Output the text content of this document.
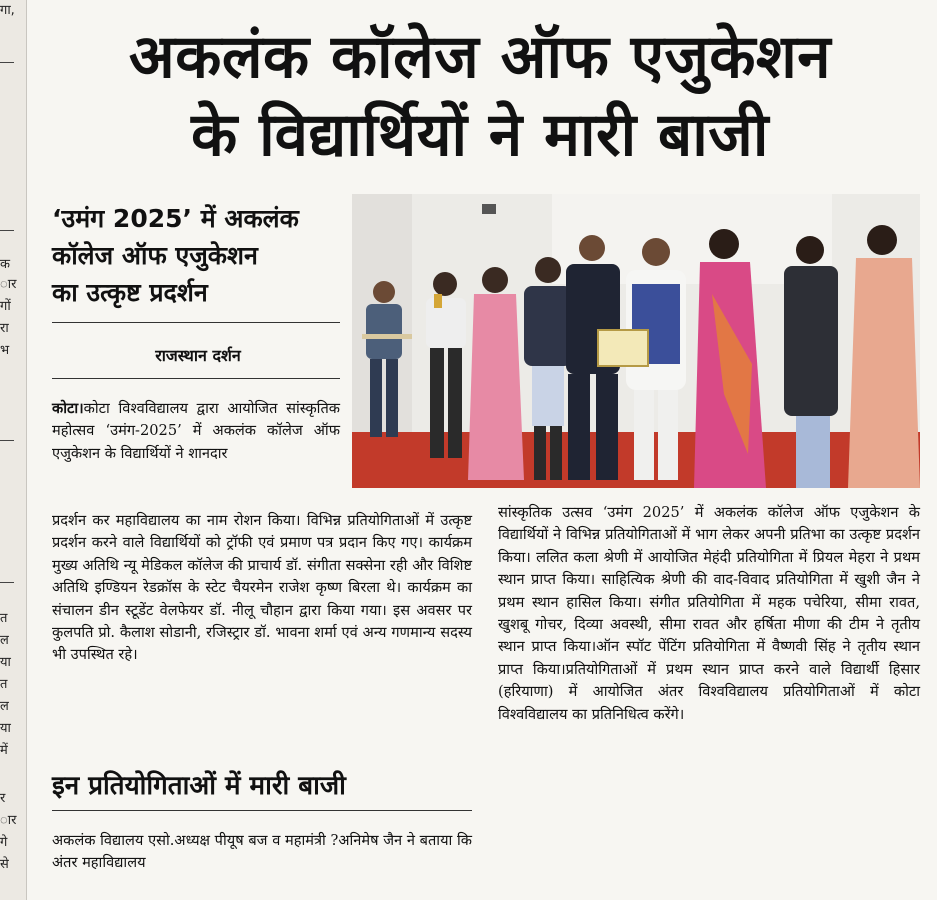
गा,
क
ार
गों
रा
भ
त
ल
या
त
ल
या
में
र
ार
गे
से
अकलंक कॉलेज ऑफ एजुकेशन
के विद्यार्थियों ने मारी बाजी
‘उमंग 2025’ में अकलंक
कॉलेज ऑफ एजुकेशन
का उत्कृष्ट प्रदर्शन
राजस्थान दर्शन

कोटा।कोटा विश्वविद्यालय द्वारा आयोजित सांस्कृतिक महोत्सव ‘उमंग-2025’ में अकलंक कॉलेज ऑफ एजुकेशन के विद्यार्थियों ने शानदार

प्रदर्शन कर महाविद्यालय का नाम रोशन किया। विभिन्न प्रतियोगिताओं में उत्कृष्ट प्रदर्शन करने वाले विद्यार्थियों को ट्रॉफी एवं प्रमाण पत्र प्रदान किए गए। कार्यक्रम मुख्य अतिथि न्यू मेडिकल कॉलेज की प्राचार्य डॉ. संगीता सक्सेना रही और विशिष्ट अतिथि इण्डियन रेडक्रॉस के स्टेट चैयरमेन राजेश कृष्ण बिरला थे। कार्यक्रम का संचालन डीन स्टूडेंट वेलफेयर डॉ. नीलू चौहान द्वारा किया गया। इस अवसर पर कुलपति प्रो. कैलाश सोडानी, रजिस्ट्रार डॉ. भावना शर्मा एवं अन्य गणमान्य सदस्य भी उपस्थित रहे।

इन प्रतियोगिताओं में मारी बाजी

अकलंक विद्यालय एसो.अध्यक्ष पीयूष बज व महामंत्री ?अनिमेष जैन ने बताया कि अंतर महाविद्यालय

सांस्कृतिक उत्सव ‘उमंग 2025’ में अकलंक कॉलेज ऑफ एजुकेशन के विद्यार्थियों ने विभिन्न प्रतियोगिताओं में भाग लेकर अपनी प्रतिभा का उत्कृष्ट प्रदर्शन किया। ललित कला श्रेणी में आयोजित मेहंदी प्रतियोगिता में प्रियल मेहरा ने प्रथम स्थान प्राप्त किया। साहित्यिक श्रेणी की वाद-विवाद प्रतियोगिता में खुशी जैन ने प्रथम स्थान हासिल किया। संगीत प्रतियोगिता में महक पचेरिया, सीमा रावत, खुशबू गोचर, दिव्या अवस्थी, सीमा रावत और हर्षिता मीणा की टीम ने तृतीय स्थान प्राप्त किया।ऑन स्पॉट पेंटिंग प्रतियोगिता में वैष्णवी सिंह ने तृतीय स्थान प्राप्त किया।प्रतियोगिताओं में प्रथम स्थान प्राप्त करने वाले विद्यार्थी हिसार (हरियाणा) में आयोजित अंतर विश्वविद्यालय प्रतियोगिताओं में कोटा विश्वविद्यालय का प्रतिनिधित्व करेंगे।
